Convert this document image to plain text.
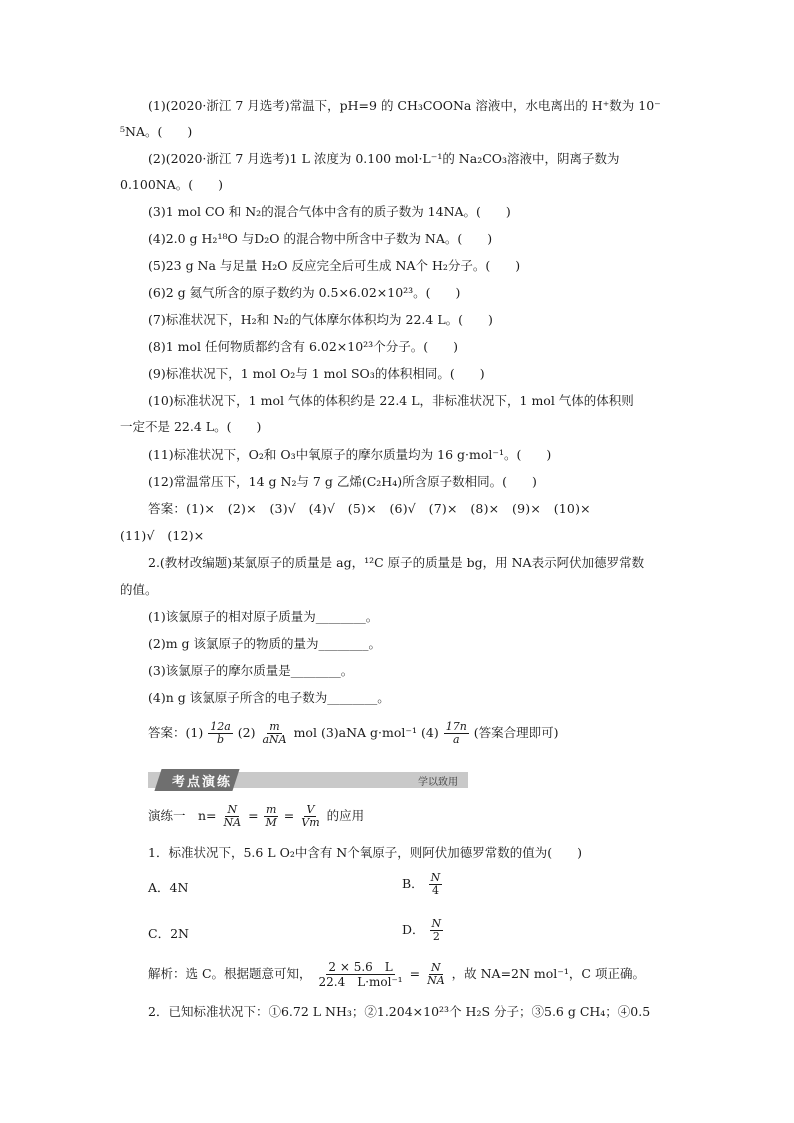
(1)(2020·浙江 7 月选考)常温下，pH=9 的 CH₃COONa 溶液中，水电离出的 H⁺数为 10⁻
⁵NA。(　　)
(2)(2020·浙江 7 月选考)1 L 浓度为 0.100 mol·L⁻¹的 Na₂CO₃溶液中，阴离子数为
0.100NA。(　　)
(3)1 mol CO 和 N₂的混合气体中含有的质子数为 14NA。(　　)
(4)2.0 g H₂¹⁸O 与D₂O 的混合物中所含中子数为 NA。(　　)
(5)23 g Na 与足量 H₂O 反应完全后可生成 NA个 H₂分子。(　　)
(6)2 g 氦气所含的原子数约为 0.5×6.02×10²³。(　　)
(7)标准状况下，H₂和 N₂的气体摩尔体积均为 22.4 L。(　　)
(8)1 mol 任何物质都约含有 6.02×10²³个分子。(　　)
(9)标准状况下，1 mol O₂与 1 mol SO₃的体积相同。(　　)
(10)标准状况下，1 mol 气体的体积约是 22.4 L，非标准状况下，1 mol 气体的体积则
一定不是 22.4 L。(　　)
(11)标准状况下，O₂和 O₃中氧原子的摩尔质量均为 16 g·mol⁻¹。(　　)
(12)常温常压下，14 g N₂与 7 g 乙烯(C₂H₄)所含原子数相同。(　　)
答案：(1)×　(2)×　(3)√　(4)√　(5)×　(6)√　(7)×　(8)×　(9)×　(10)×
(11)√　(12)×
2.(教材改编题)某氯原子的质量是 ag，¹²C 原子的质量是 bg，用 NA表示阿伏加德罗常数
的值。
(1)该氯原子的相对原子质量为________。
(2)m g 该氯原子的物质的量为________。
(3)该氯原子的摩尔质量是________。
(4)n g 该氯原子所含的电子数为________。
答案：$(1) \frac{12a}{b} (2) \frac{m}{\text{aNA}}$ mol (3)aNA g·mol⁻¹ $(4) \frac{17n}{a}$ (答案合理即可)
考点演练	学以致用
演练一　$n= \frac{N}{NA} = \frac{m}{M} = \frac{V}{Vm}$ 的应用
1．标准状况下，5.6 L O₂中含有 N个氧原子，则阿伏加德罗常数的值为(　　)
A．4N	B． $\frac{N}{4}$
C．2N	D． $\frac{N}{2}$
解析：选 C。根据题意可知， $\frac{2 \times 5.6 L}{\text{22.4　L·mol⁻¹}} = \frac{N}{NA}$ ，故 NA=2N mol⁻¹，C 项正确。
2．已知标准状况下：①6.72 L NH₃；②1.204×10²³个 H₂S 分子；③5.6 g CH₄；④0.5
